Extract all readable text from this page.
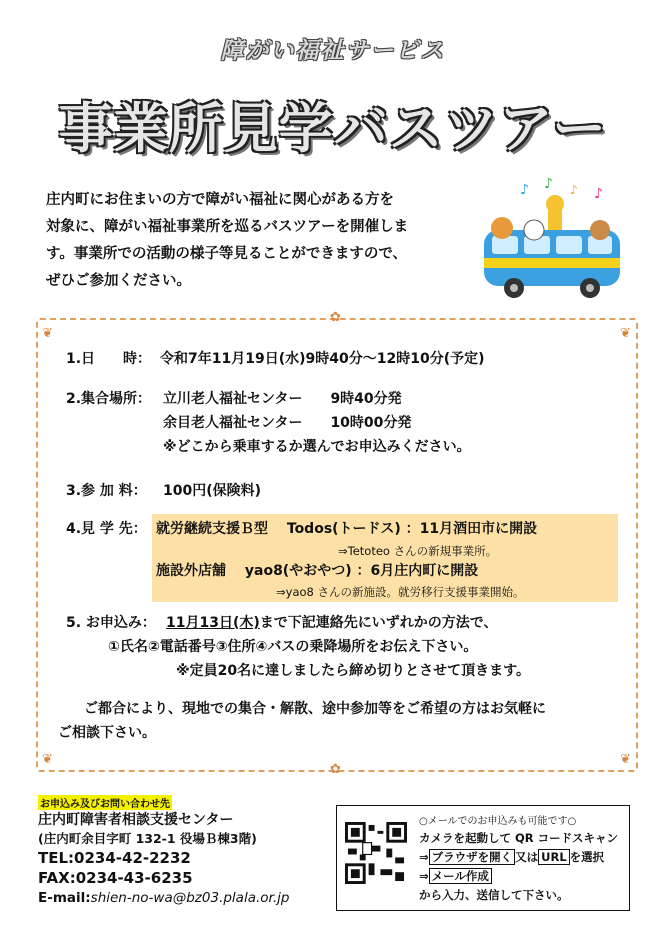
障がい福祉サービス
事業所見学バスツアー
庄内町にお住まいの方で障がい福祉に関心がある方を
対象に、障がい福祉事業所を巡るバスツアーを開催しま
す。事業所での活動の様子等見ることができますので、
ぜひご参加ください。
♪ ♪ ♪ ♪
❦	❦
❦	❦
✿
✿
1.日　　時： 令和7年11月19日(水)9時40分～12時10分(予定)
2.集合場所： 立川老人福祉センター　　9時40分発
余目老人福祉センター　　10時00分発
※どこから乗車するか選んでお申込みください。
3.参 加 料： 100円(保険料)
4.見 学 先： 就労継続支援Ｂ型　 Todos(トードス) ：11月酒田市に開設
⇒Tetoteo さんの新規事業所。
施設外店舗　 yao8(やおやつ) ：6月庄内町に開設
⇒yao8 さんの新施設。就労移行支援事業開始。
5. お申込み： 11月13日(木)まで下記連絡先にいずれかの方法で、
①氏名②電話番号③住所④バスの乗降場所をお伝え下さい。
※定員20名に達しましたら締め切りとさせて頂きます。
ご都合により、現地での集合・解散、途中参加等をご希望の方はお気軽に
ご相談下さい。
お申込み及びお問い合わせ先
庄内町障害者相談支援センター
(庄内町余目字町 132-1 役場Ｂ棟3階)
TEL:0234-42-2232
FAX:0234-43-6235
E-mail:shien-no-wa@bz03.plala.or.jp
○メールでのお申込みも可能です○
カメラを起動して QR コードスキャン
⇒ ブラウザを開く 又は URL を選択
⇒ メール作成
から入力、送信して下さい。
